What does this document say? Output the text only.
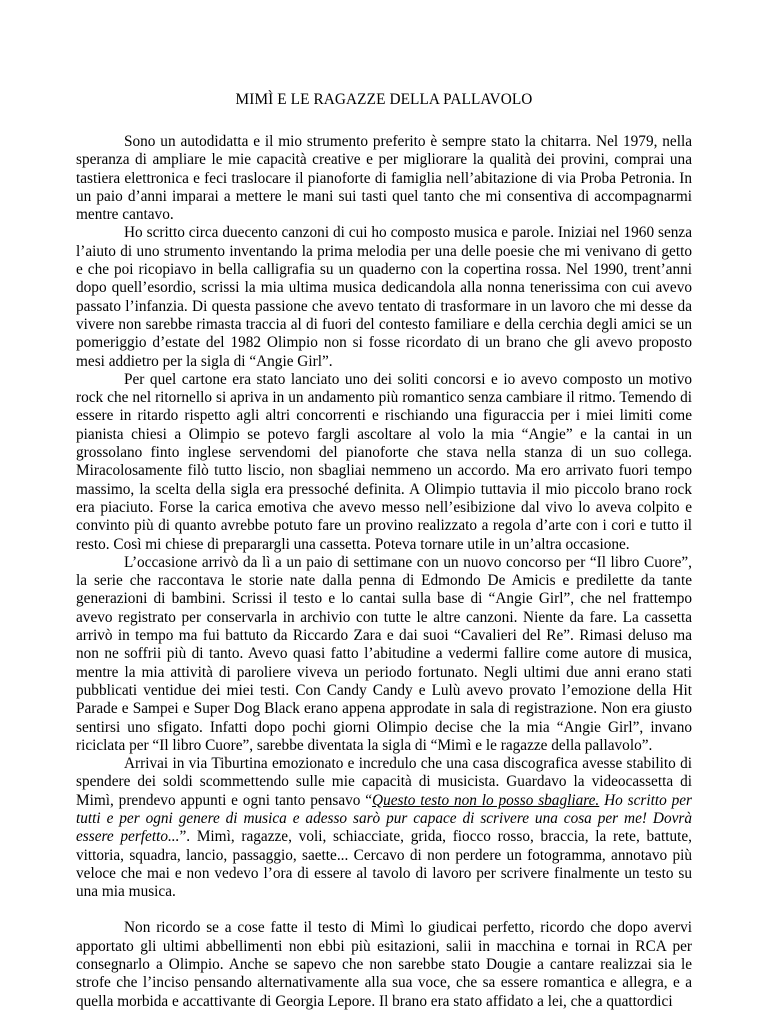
MIMÌ E LE RAGAZZE DELLA PALLAVOLO

Sono un autodidatta e il mio strumento preferito è sempre stato la chitarra. Nel 1979, nella speranza di ampliare le mie capacità creative e per migliorare la qualità dei provini, comprai una tastiera elettronica e feci traslocare il pianoforte di famiglia nell’abitazione di via Proba Petronia. In un paio d’anni imparai a mettere le mani sui tasti quel tanto che mi consentiva di accompagnarmi mentre cantavo.

Ho scritto circa duecento canzoni di cui ho composto musica e parole. Iniziai nel 1960 senza l’aiuto di uno strumento inventando la prima melodia per una delle poesie che mi venivano di getto e che poi ricopiavo in bella calligrafia su un quaderno con la copertina rossa. Nel 1990, trent’anni dopo quell’esordio, scrissi la mia ultima musica dedicandola alla nonna tenerissima con cui avevo passato l’infanzia. Di questa passione che avevo tentato di trasformare in un lavoro che mi desse da vivere non sarebbe rimasta traccia al di fuori del contesto familiare e della cerchia degli amici se un pomeriggio d’estate del 1982 Olimpio non si fosse ricordato di un brano che gli avevo proposto mesi addietro per la sigla di “Angie Girl”.

Per quel cartone era stato lanciato uno dei soliti concorsi e io avevo composto un motivo rock che nel ritornello si apriva in un andamento più romantico senza cambiare il ritmo. Temendo di essere in ritardo rispetto agli altri concorrenti e rischiando una figuraccia per i miei limiti come pianista chiesi a Olimpio se potevo fargli ascoltare al volo la mia “Angie” e la cantai in un grossolano finto inglese servendomi del pianoforte che stava nella stanza di un suo collega. Miracolosamente filò tutto liscio, non sbagliai nemmeno un accordo. Ma ero arrivato fuori tempo massimo, la scelta della sigla era pressoché definita. A Olimpio tuttavia il mio piccolo brano rock era piaciuto. Forse la carica emotiva che avevo messo nell’esibizione dal vivo lo aveva colpito e convinto più di quanto avrebbe potuto fare un provino realizzato a regola d’arte con i cori e tutto il resto. Così mi chiese di preparargli una cassetta. Poteva tornare utile in un’altra occasione.

L’occasione arrivò da lì a un paio di settimane con un nuovo concorso per “Il libro Cuore”, la serie che raccontava le storie nate dalla penna di Edmondo De Amicis e predilette da tante generazioni di bambini. Scrissi il testo e lo cantai sulla base di “Angie Girl”, che nel frattempo avevo registrato per conservarla in archivio con tutte le altre canzoni. Niente da fare. La cassetta arrivò in tempo ma fui battuto da Riccardo Zara e dai suoi “Cavalieri del Re”. Rimasi deluso ma non ne soffrii più di tanto. Avevo quasi fatto l’abitudine a vedermi fallire come autore di musica, mentre la mia attività di paroliere viveva un periodo fortunato. Negli ultimi due anni erano stati pubblicati ventidue dei miei testi. Con Candy Candy e Lulù avevo provato l’emozione della Hit Parade e Sampei e Super Dog Black erano appena approdate in sala di registrazione. Non era giusto sentirsi uno sfigato. Infatti dopo pochi giorni Olimpio decise che la mia “Angie Girl”, invano riciclata per “Il libro Cuore”, sarebbe diventata la sigla di “Mimì e le ragazze della pallavolo”.

Arrivai in via Tiburtina emozionato e incredulo che una casa discografica avesse stabilito di spendere dei soldi scommettendo sulle mie capacità di musicista. Guardavo la videocassetta di Mimì, prendevo appunti e ogni tanto pensavo “Questo testo non lo posso sbagliare. Ho scritto per tutti e per ogni genere di musica e adesso sarò pur capace di scrivere una cosa per me! Dovrà essere perfetto...”. Mimì, ragazze, voli, schiacciate, grida, fiocco rosso, braccia, la rete, battute, vittoria, squadra, lancio, passaggio, saette... Cercavo di non perdere un fotogramma, annotavo più veloce che mai e non vedevo l’ora di essere al tavolo di lavoro per scrivere finalmente un testo su una mia musica.

Non ricordo se a cose fatte il testo di Mimì lo giudicai perfetto, ricordo che dopo avervi apportato gli ultimi abbellimenti non ebbi più esitazioni, salii in macchina e tornai in RCA per consegnarlo a Olimpio. Anche se sapevo che non sarebbe stato Dougie a cantare realizzai sia le strofe che l’inciso pensando alternativamente alla sua voce, che sa essere romantica e allegra, e a quella morbida e accattivante di Georgia Lepore. Il brano era stato affidato a lei, che a quattordici
